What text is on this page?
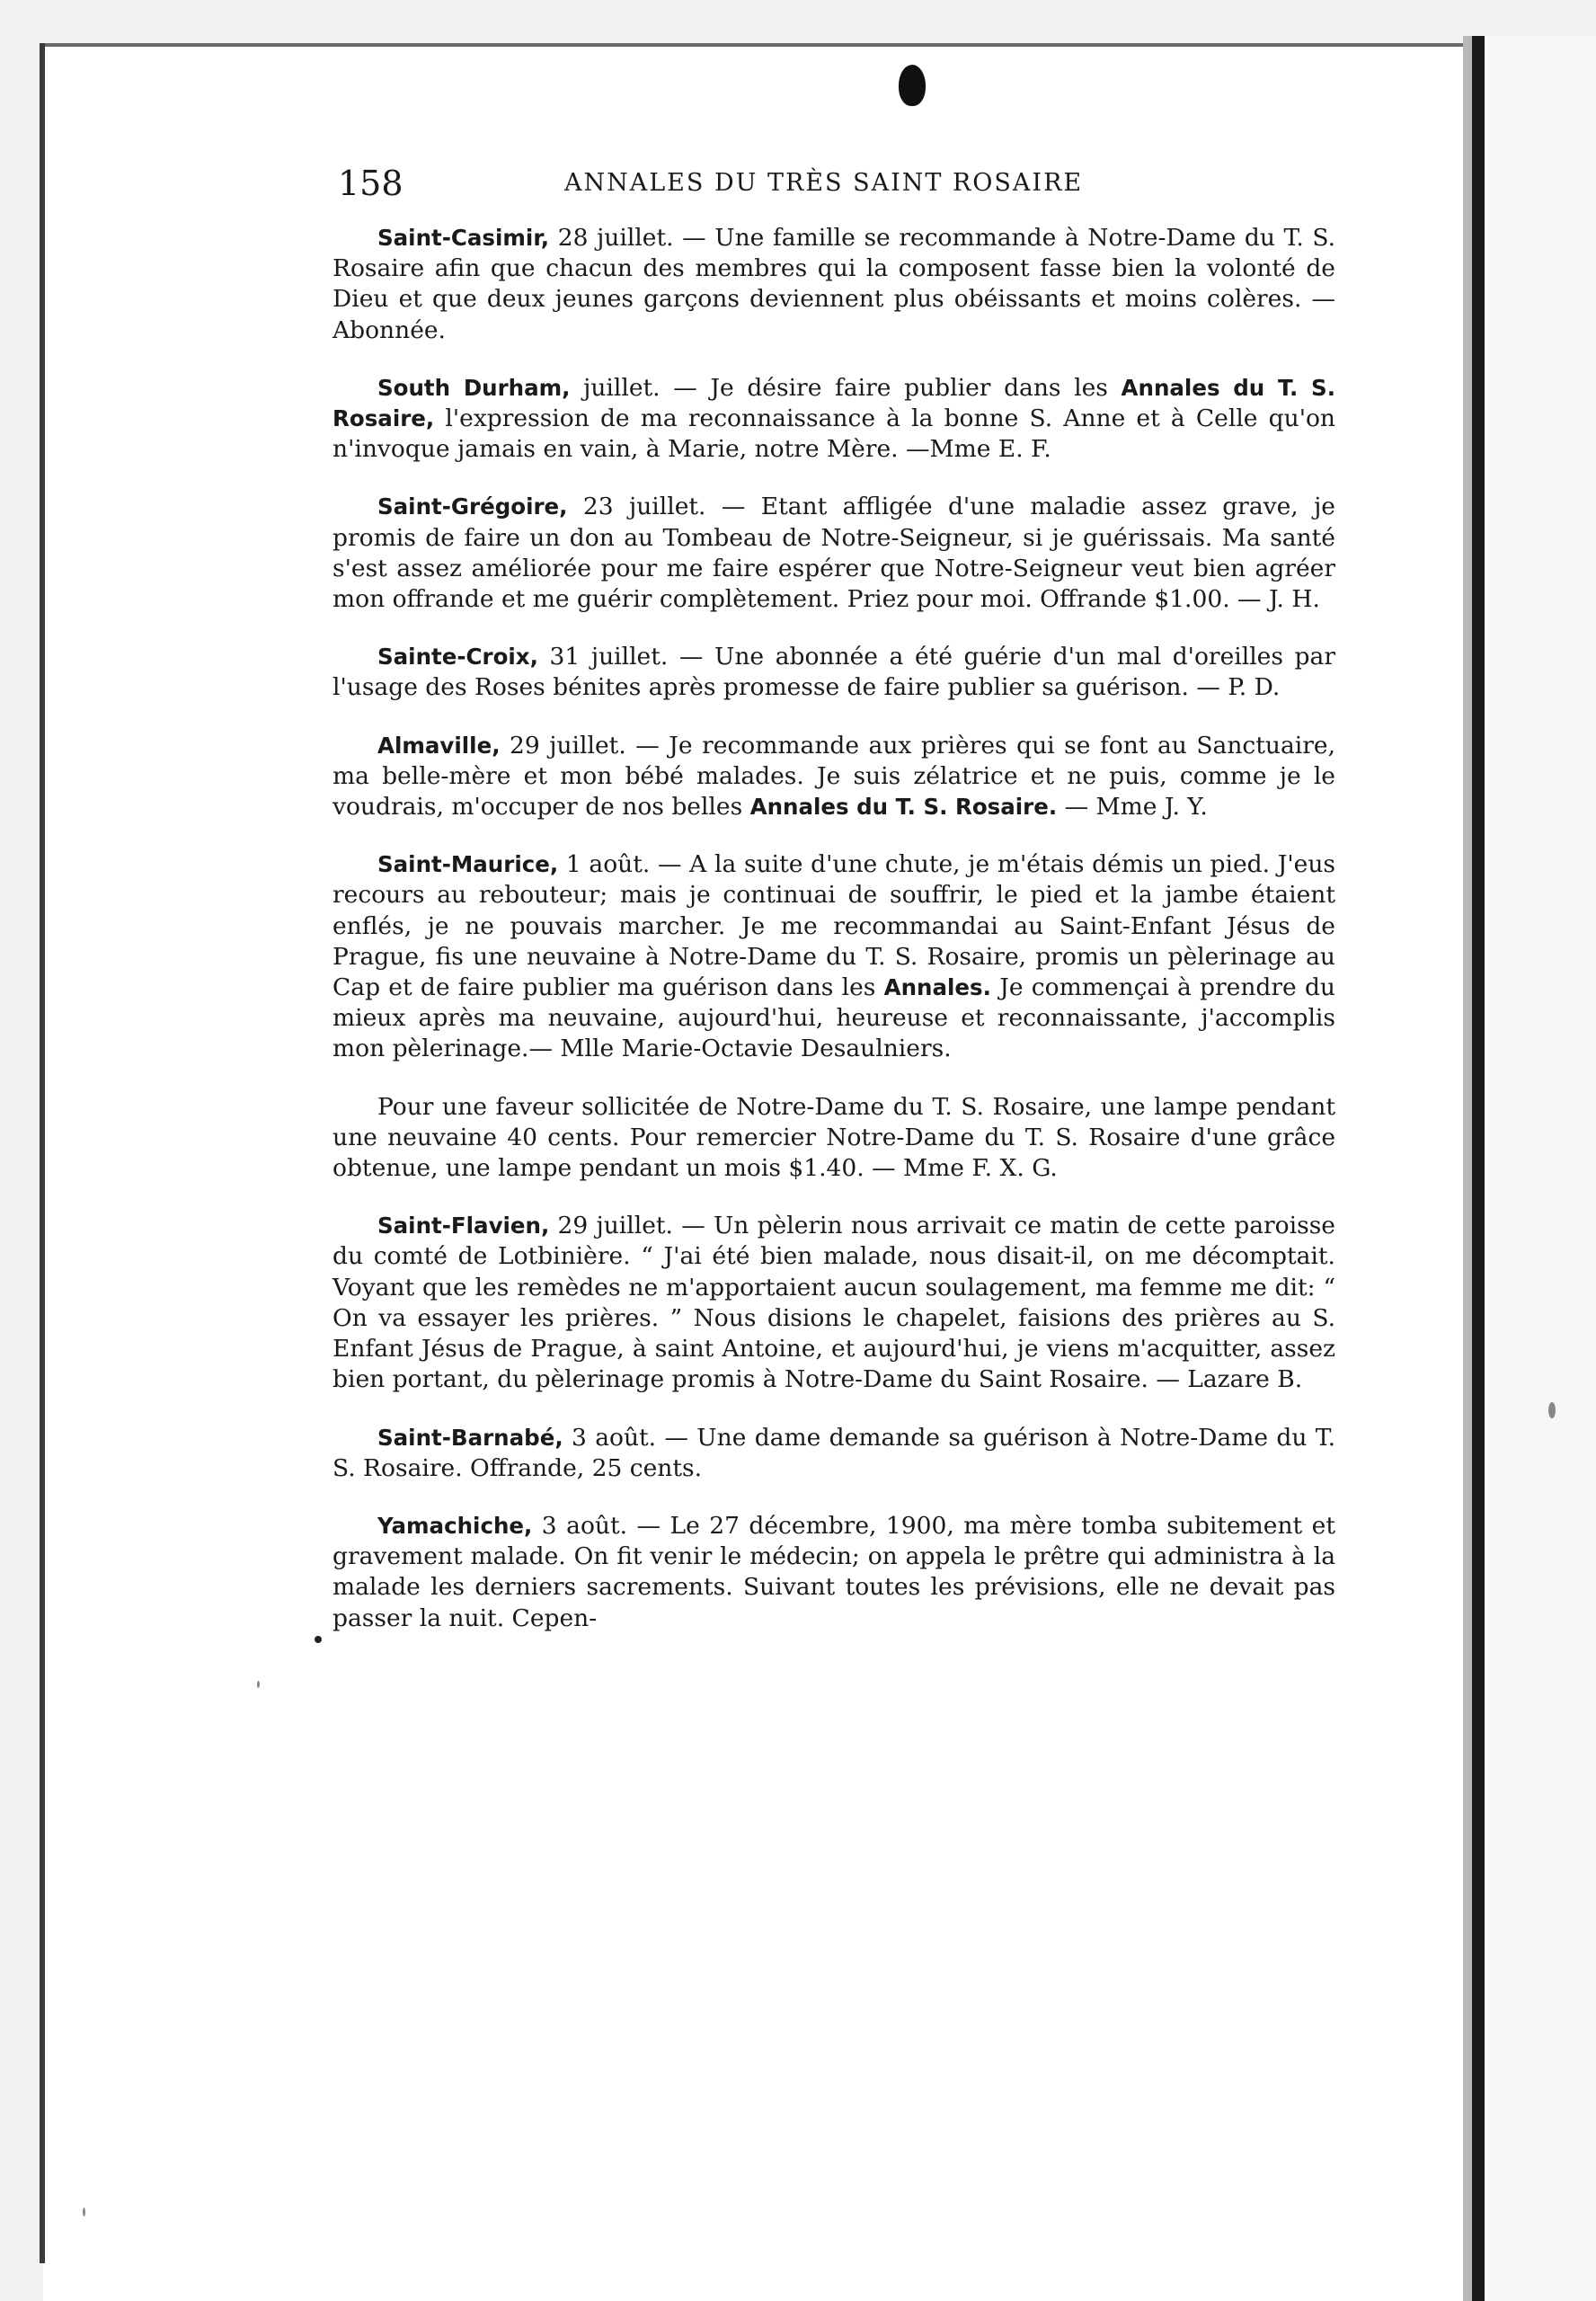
158	ANNALES DU TRÈS SAINT ROSAIRE

Saint-Casimir, 28 juillet. — Une famille se recommande à Notre-Dame du T. S. Rosaire afin que chacun des membres qui la composent fasse bien la volonté de Dieu et que deux jeunes garçons deviennent plus obéissants et moins colères. — Abonnée.

South Durham, juillet. — Je désire faire publier dans les Annales du T. S. Rosaire, l'expression de ma reconnaissance à la bonne S. Anne et à Celle qu'on n'invoque jamais en vain, à Marie, notre Mère. —Mme E. F.

Saint-Grégoire, 23 juillet. — Etant affligée d'une maladie assez grave, je promis de faire un don au Tombeau de Notre-Seigneur, si je guérissais. Ma santé s'est assez améliorée pour me faire espérer que Notre-Seigneur veut bien agréer mon offrande et me guérir complètement. Priez pour moi. Offrande $1.00. — J. H.

Sainte-Croix, 31 juillet. — Une abonnée a été guérie d'un mal d'oreilles par l'usage des Roses bénites après promesse de faire publier sa guérison. — P. D.

Almaville, 29 juillet. — Je recommande aux prières qui se font au Sanctuaire, ma belle-mère et mon bébé malades. Je suis zélatrice et ne puis, comme je le voudrais, m'occuper de nos belles Annales du T. S. Rosaire. — Mme J. Y.

Saint-Maurice, 1 août. — A la suite d'une chute, je m'étais démis un pied. J'eus recours au rebouteur; mais je continuai de souffrir, le pied et la jambe étaient enflés, je ne pouvais marcher. Je me recommandai au Saint-Enfant Jésus de Prague, fis une neuvaine à Notre-Dame du T. S. Rosaire, promis un pèlerinage au Cap et de faire publier ma guérison dans les Annales. Je commençai à prendre du mieux après ma neuvaine, aujourd'hui, heureuse et reconnaissante, j'accomplis mon pèlerinage.— Mlle Marie-Octavie Desaulniers.

Pour une faveur sollicitée de Notre-Dame du T. S. Rosaire, une lampe pendant une neuvaine 40 cents. Pour remercier Notre-Dame du T. S. Rosaire d'une grâce obtenue, une lampe pendant un mois $1.40. — Mme F. X. G.

Saint-Flavien, 29 juillet. — Un pèlerin nous arrivait ce matin de cette paroisse du comté de Lotbinière. “ J'ai été bien malade, nous disait-il, on me décomptait. Voyant que les remèdes ne m'apportaient aucun soulagement, ma femme me dit: “ On va essayer les prières. ” Nous disions le chapelet, faisions des prières au S. Enfant Jésus de Prague, à saint Antoine, et aujourd'hui, je viens m'acquitter, assez bien portant, du pèlerinage promis à Notre-Dame du Saint Rosaire. — Lazare B.

Saint-Barnabé, 3 août. — Une dame demande sa guérison à Notre-Dame du T. S. Rosaire. Offrande, 25 cents.

Yamachiche, 3 août. — Le 27 décembre, 1900, ma mère tomba subitement et gravement malade. On fit venir le médecin; on appela le prêtre qui administra à la malade les derniers sacrements. Suivant toutes les prévisions, elle ne devait pas passer la nuit. Cepen-
